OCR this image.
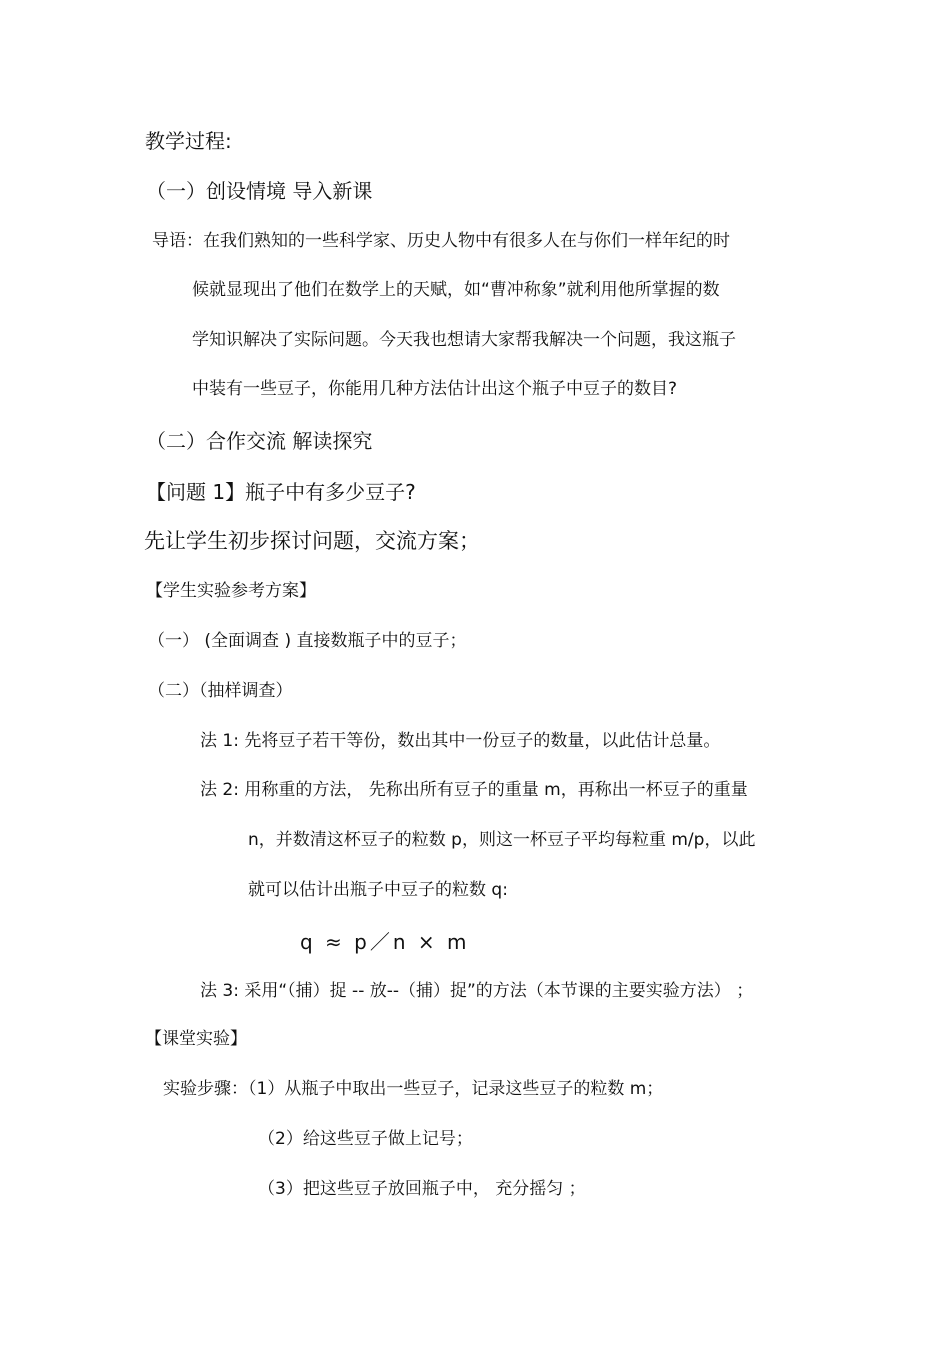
教学过程:
（一）创设情境 导入新课
导语：在我们熟知的一些科学家、历史人物中有很多人在与你们一样年纪的时
候就显现出了他们在数学上的天赋，如“曹冲称象”就利用他所掌握的数
学知识解决了实际问题。今天我也想请大家帮我解决一个问题，我这瓶子
中装有一些豆子，你能用几种方法估计出这个瓶子中豆子的数目?
（二）合作交流 解读探究
【问题 1】瓶子中有多少豆子?
先让学生初步探讨问题，交流方案；
【学生实验参考方案】
（一） (全面调查 ) 直接数瓶子中的豆子；
（二）（抽样调查）
法 1: 先将豆子若干等份，数出其中一份豆子的数量，以此估计总量。
法 2: 用称重的方法， 先称出所有豆子的重量 m，再称出一杯豆子的重量
n，并数清这杯豆子的粒数 p，则这一杯豆子平均每粒重 m/p，以此
就可以估计出瓶子中豆子的粒数 q:
q ≈ p／n × m
法 3: 采用“（捕）捉 -- 放--（捕）捉”的方法（本节课的主要实验方法） ；
【课堂实验】
实验步骤：（1）从瓶子中取出一些豆子，记录这些豆子的粒数 m；
（2）给这些豆子做上记号；
（3）把这些豆子放回瓶子中， 充分摇匀 ；
